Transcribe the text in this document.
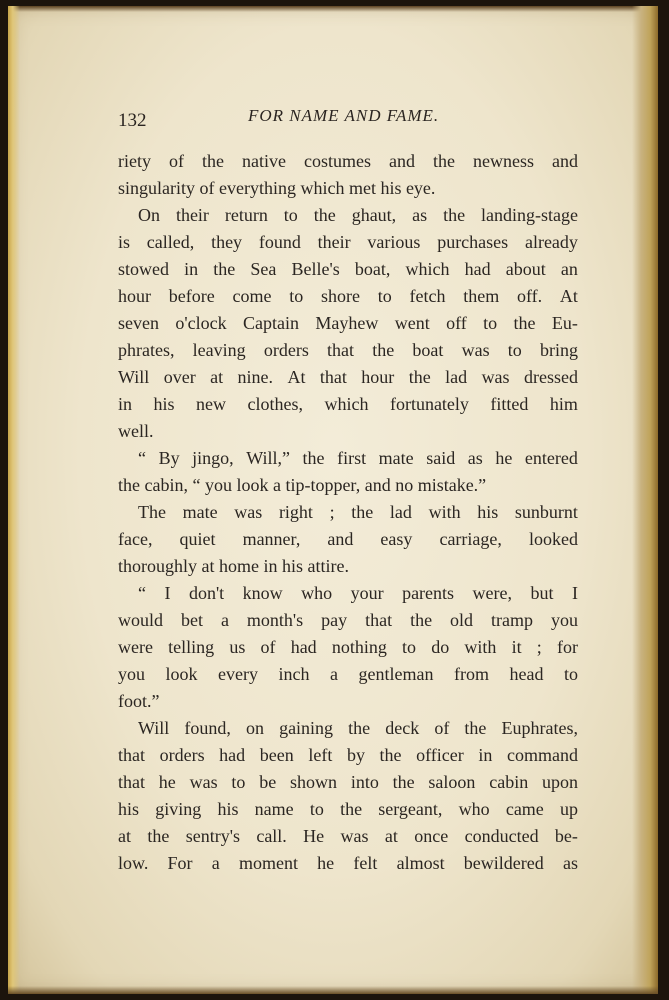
132	FOR NAME AND FAME.
riety of the native costumes and the newness and
singularity of everything which met his eye.
On their return to the ghaut, as the landing-stage
is called, they found their various purchases already
stowed in the Sea Belle's boat, which had about an
hour before come to shore to fetch them off. At
seven o'clock Captain Mayhew went off to the Eu-
phrates, leaving orders that the boat was to bring
Will over at nine. At that hour the lad was dressed
in his new clothes, which fortunately fitted him
well.
“ By jingo, Will,” the first mate said as he entered
the cabin, “ you look a tip-topper, and no mistake.”
The mate was right ; the lad with his sunburnt
face, quiet manner, and easy carriage, looked
thoroughly at home in his attire.
“ I don't know who your parents were, but I
would bet a month's pay that the old tramp you
were telling us of had nothing to do with it ; for
you look every inch a gentleman from head to
foot.”
Will found, on gaining the deck of the Euphrates,
that orders had been left by the officer in command
that he was to be shown into the saloon cabin upon
his giving his name to the sergeant, who came up
at the sentry's call. He was at once conducted be-
low. For a moment he felt almost bewildered as
